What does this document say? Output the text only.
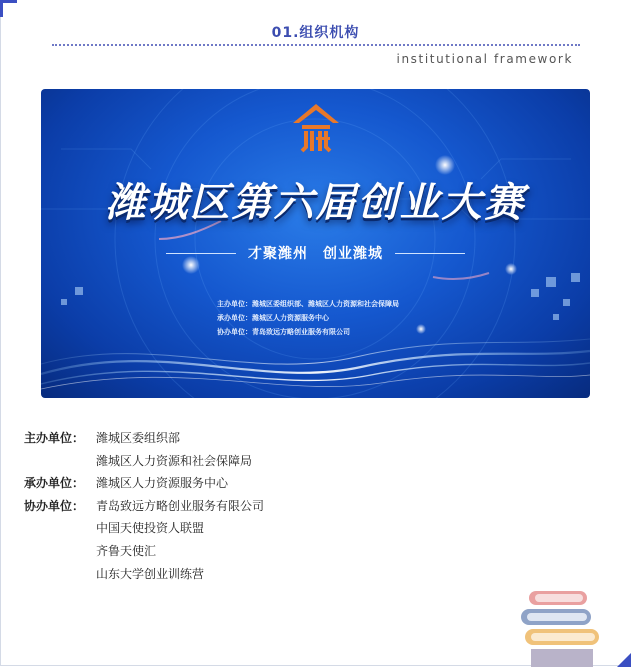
01.组织机构
institutional framework
潍城区第六届创业大赛
才聚潍州　创业潍城
主办单位：潍城区委组织部、潍城区人力资源和社会保障局
承办单位：潍城区人力资源服务中心
协办单位：青岛致远方略创业服务有限公司
主办单位： 潍城区委组织部
潍城区人力资源和社会保障局
承办单位： 潍城区人力资源服务中心
协办单位： 青岛致远方略创业服务有限公司
中国天使投资人联盟
齐鲁天使汇
山东大学创业训练营
